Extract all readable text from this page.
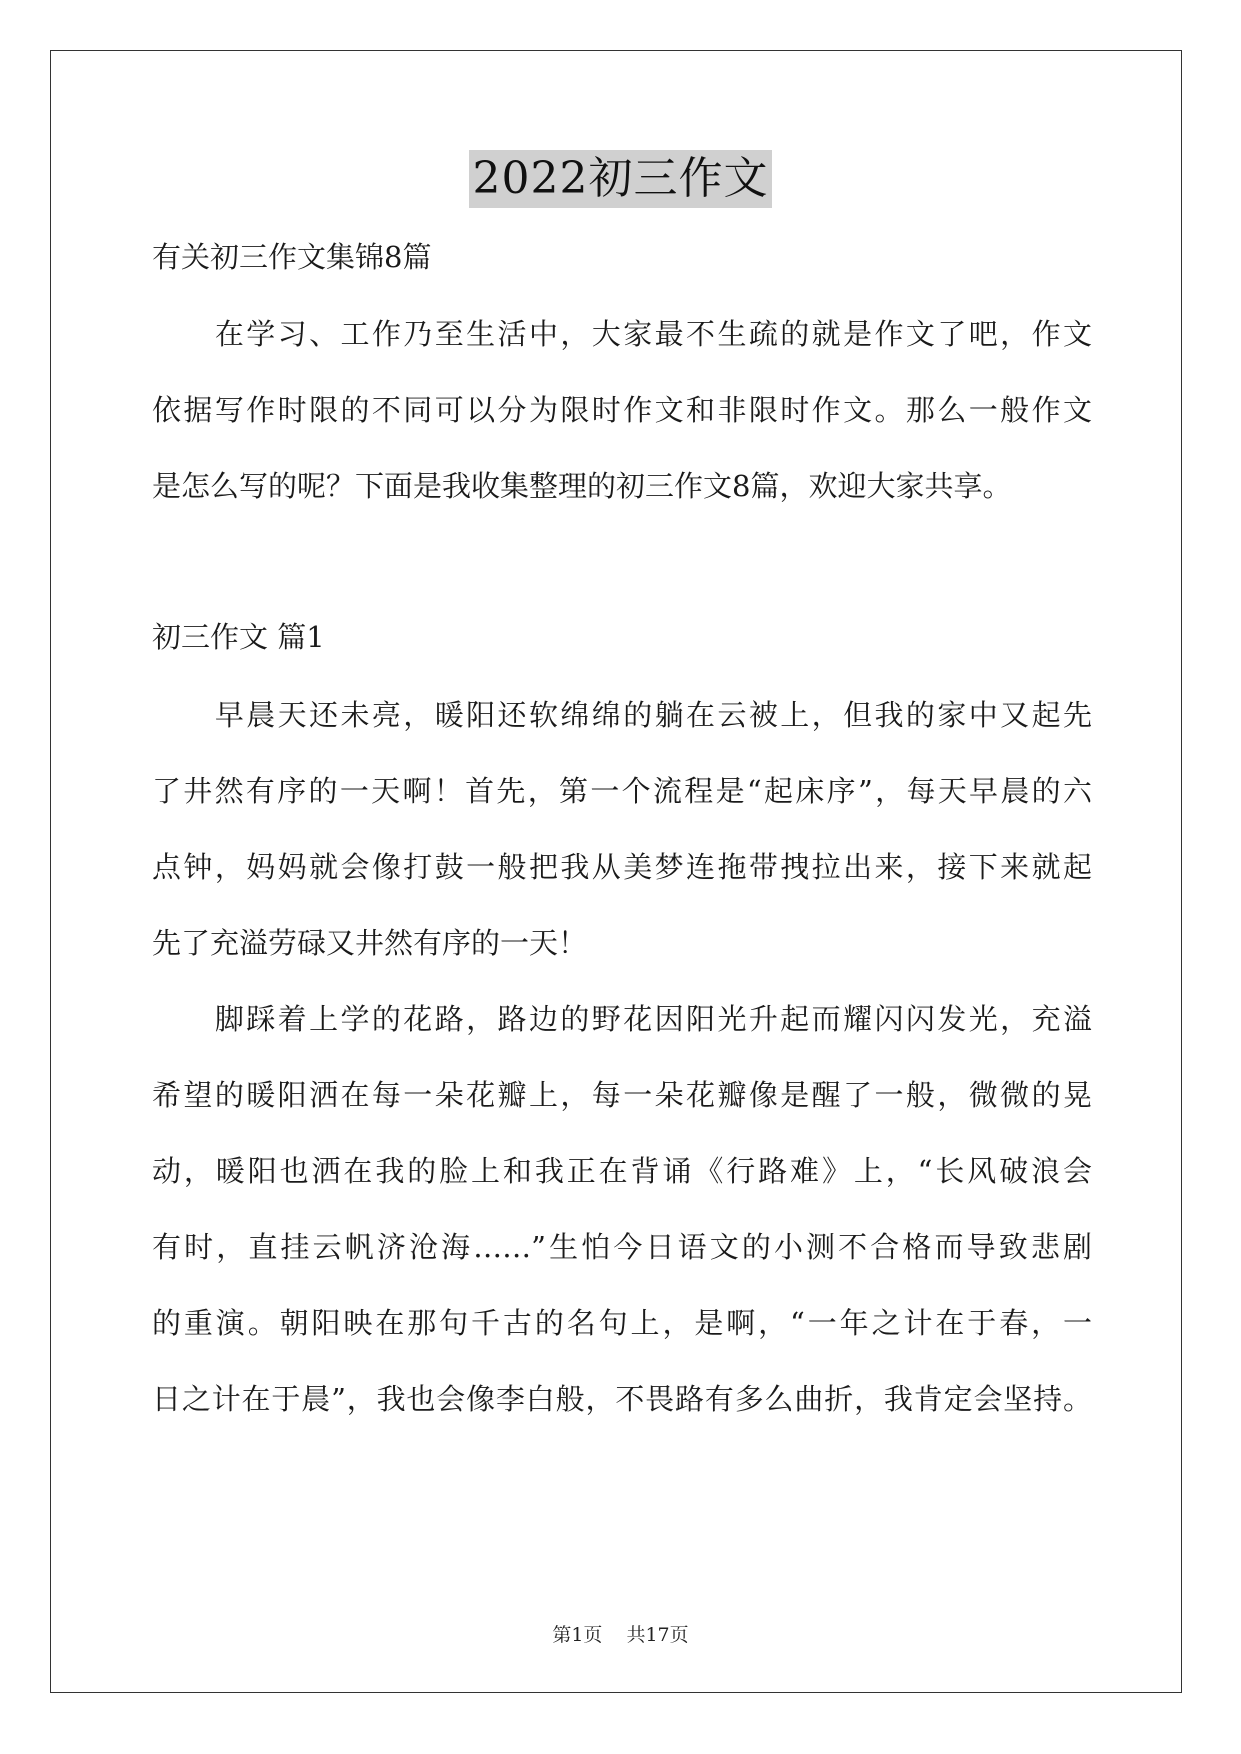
2022初三作文
有关初三作文集锦8篇
　　在学习、工作乃至生活中，大家最不生疏的就是作文了吧，作文
依据写作时限的不同可以分为限时作文和非限时作文。那么一般作文
是怎么写的呢？下面是我收集整理的初三作文8篇，欢迎大家共享。
初三作文 篇1
　　早晨天还未亮，暖阳还软绵绵的躺在云被上，但我的家中又起先
了井然有序的一天啊！首先，第一个流程是“起床序”，每天早晨的六
点钟，妈妈就会像打鼓一般把我从美梦连拖带拽拉出来，接下来就起
先了充溢劳碌又井然有序的一天！
　　脚踩着上学的花路，路边的野花因阳光升起而耀闪闪发光，充溢
希望的暖阳洒在每一朵花瓣上，每一朵花瓣像是醒了一般，微微的晃
动，暖阳也洒在我的脸上和我正在背诵《行路难》上，“长风破浪会
有时，直挂云帆济沧海……”生怕今日语文的小测不合格而导致悲剧
的重演。朝阳映在那句千古的名句上，是啊，“一年之计在于春，一
日之计在于晨”，我也会像李白般，不畏路有多么曲折，我肯定会坚持。
第1页 共17页
